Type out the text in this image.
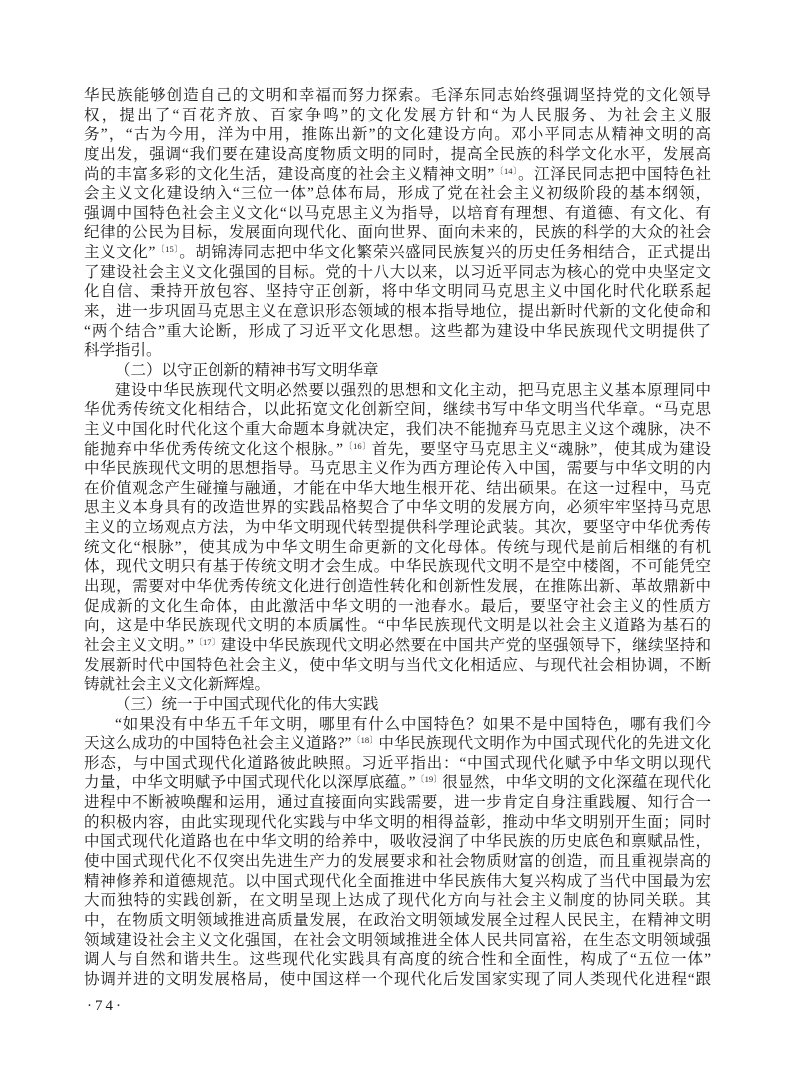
华民族能够创造自己的文明和幸福而努力探索。毛泽东同志始终强调坚持党的文化领导
权，提出了“百花齐放、百家争鸣”的文化发展方针和“为人民服务、为社会主义服
务”，“古为今用，洋为中用，推陈出新”的文化建设方向。邓小平同志从精神文明的高
度出发，强调“我们要在建设高度物质文明的同时，提高全民族的科学文化水平，发展高
尚的丰富多彩的文化生活，建设高度的社会主义精神文明”$^{〔14〕}$。江泽民同志把中国特色社
会主义文化建设纳入“三位一体”总体布局，形成了党在社会主义初级阶段的基本纲领，
强调中国特色社会主义文化“以马克思主义为指导，以培育有理想、有道德、有文化、有
纪律的公民为目标，发展面向现代化、面向世界、面向未来的，民族的科学的大众的社会
主义文化”$^{〔15〕}$。胡锦涛同志把中华文化繁荣兴盛同民族复兴的历史任务相结合，正式提出
了建设社会主义文化强国的目标。党的十八大以来，以习近平同志为核心的党中央坚定文
化自信、秉持开放包容、坚持守正创新，将中华文明同马克思主义中国化时代化联系起
来，进一步巩固马克思主义在意识形态领域的根本指导地位，提出新时代新的文化使命和
“两个结合”重大论断，形成了习近平文化思想。这些都为建设中华民族现代文明提供了
科学指引。
（二）以守正创新的精神书写文明华章
建设中华民族现代文明必然要以强烈的思想和文化主动，把马克思主义基本原理同中
华优秀传统文化相结合，以此拓宽文化创新空间，继续书写中华文明当代华章。“马克思
主义中国化时代化这个重大命题本身就决定，我们决不能抛弃马克思主义这个魂脉，决不
能抛弃中华优秀传统文化这个根脉。”$^{〔16〕}$首先，要坚守马克思主义“魂脉”，使其成为建设
中华民族现代文明的思想指导。马克思主义作为西方理论传入中国，需要与中华文明的内
在价值观念产生碰撞与融通，才能在中华大地生根开花、结出硕果。在这一过程中，马克
思主义本身具有的改造世界的实践品格契合了中华文明的发展方向，必须牢牢坚持马克思
主义的立场观点方法，为中华文明现代转型提供科学理论武装。其次，要坚守中华优秀传
统文化“根脉”，使其成为中华文明生命更新的文化母体。传统与现代是前后相继的有机
体，现代文明只有基于传统文明才会生成。中华民族现代文明不是空中楼阁，不可能凭空
出现，需要对中华优秀传统文化进行创造性转化和创新性发展，在推陈出新、革故鼎新中
促成新的文化生命体，由此激活中华文明的一池春水。最后，要坚守社会主义的性质方
向，这是中华民族现代文明的本质属性。“中华民族现代文明是以社会主义道路为基石的
社会主义文明。”$^{〔17〕}$建设中华民族现代文明必然要在中国共产党的坚强领导下，继续坚持和
发展新时代中国特色社会主义，使中华文明与当代文化相适应、与现代社会相协调，不断
铸就社会主义文化新辉煌。
（三）统一于中国式现代化的伟大实践
“如果没有中华五千年文明，哪里有什么中国特色？如果不是中国特色，哪有我们今
天这么成功的中国特色社会主义道路?”$^{〔18〕}$中华民族现代文明作为中国式现代化的先进文化
形态，与中国式现代化道路彼此映照。习近平指出：“中国式现代化赋予中华文明以现代
力量，中华文明赋予中国式现代化以深厚底蕴。”$^{〔19〕}$很显然，中华文明的文化深蕴在现代化
进程中不断被唤醒和运用，通过直接面向实践需要，进一步肯定自身注重践履、知行合一
的积极内容，由此实现现代化实践与中华文明的相得益彰，推动中华文明别开生面；同时
中国式现代化道路也在中华文明的给养中，吸收浸润了中华民族的历史底色和禀赋品性，
使中国式现代化不仅突出先进生产力的发展要求和社会物质财富的创造，而且重视崇高的
精神修养和道德规范。以中国式现代化全面推进中华民族伟大复兴构成了当代中国最为宏
大而独特的实践创新，在文明呈现上达成了现代化方向与社会主义制度的协同关联。其
中，在物质文明领域推进高质量发展，在政治文明领域发展全过程人民民主，在精神文明
领域建设社会主义文化强国，在社会文明领域推进全体人民共同富裕，在生态文明领域强
调人与自然和谐共生。这些现代化实践具有高度的统合性和全面性，构成了“五位一体”
协调并进的文明发展格局，使中国这样一个现代化后发国家实现了同人类现代化进程“跟
·74·
